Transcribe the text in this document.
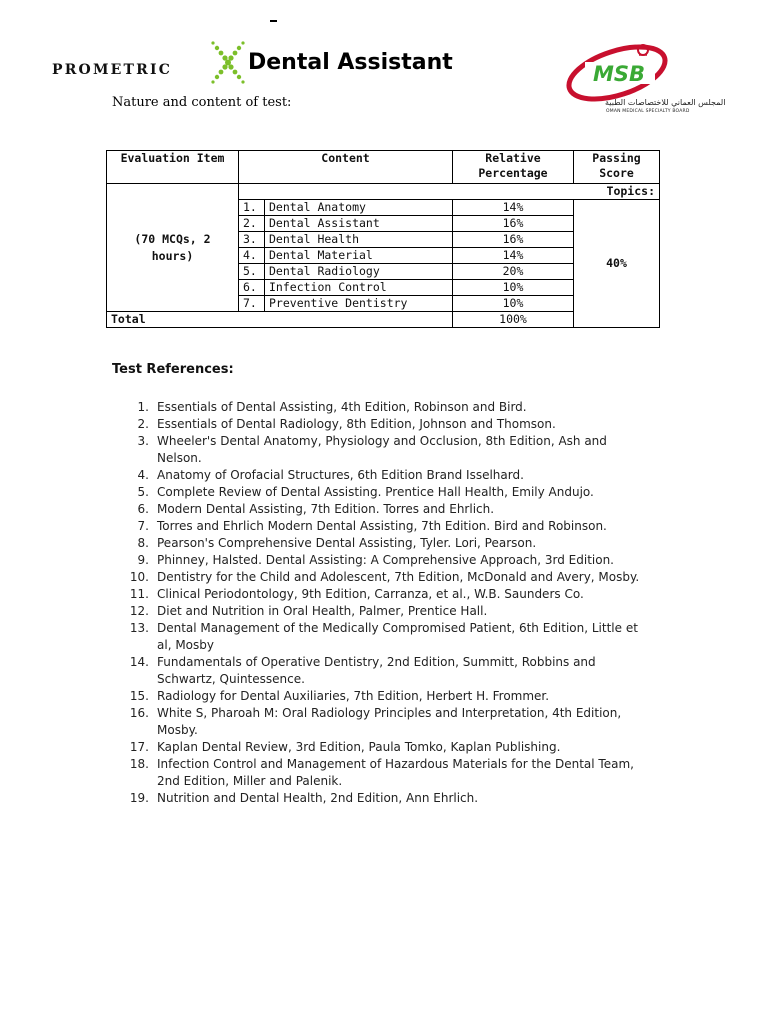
PROMETRIC	Dental Assistant	MSB
المجلس العماني للاختصاصات الطبية
OMAN MEDICAL SPECIALTY BOARD
Nature and content of test:
Evaluation Item	Content		Relative Percentage	Passing Score
(70 MCQs, 2 hours)	Topics:			
	1.	Dental Anatomy	14%	40%
	2.	Dental Assistant	16%	
	3.	Dental Health	16%	
	4.	Dental Material	14%	
	5.	Dental Radiology	20%	
	6.	Infection Control	10%	
	7.	Preventive Dentistry	10%	
Total			100%	
Test References:
1. Essentials of Dental Assisting, 4th Edition, Robinson and Bird.
2. Essentials of Dental Radiology, 8th Edition, Johnson and Thomson.
3. Wheeler's Dental Anatomy, Physiology and Occlusion, 8th Edition, Ash and
Nelson.
4. Anatomy of Orofacial Structures, 6th Edition Brand Isselhard.
5. Complete Review of Dental Assisting. Prentice Hall Health, Emily Andujo.
6. Modern Dental Assisting, 7th Edition. Torres and Ehrlich.
7. Torres and Ehrlich Modern Dental Assisting, 7th Edition. Bird and Robinson.
8. Pearson's Comprehensive Dental Assisting, Tyler. Lori, Pearson.
9. Phinney, Halsted. Dental Assisting: A Comprehensive Approach, 3rd Edition.
10. Dentistry for the Child and Adolescent, 7th Edition, McDonald and Avery, Mosby.
11. Clinical Periodontology, 9th Edition, Carranza, et al., W.B. Saunders Co.
12. Diet and Nutrition in Oral Health, Palmer, Prentice Hall.
13. Dental Management of the Medically Compromised Patient, 6th Edition, Little et
al, Mosby
14. Fundamentals of Operative Dentistry, 2nd Edition, Summitt, Robbins and
Schwartz, Quintessence.
15. Radiology for Dental Auxiliaries, 7th Edition, Herbert H. Frommer.
16. White S, Pharoah M: Oral Radiology Principles and Interpretation, 4th Edition,
Mosby.
17. Kaplan Dental Review, 3rd Edition, Paula Tomko, Kaplan Publishing.
18. Infection Control and Management of Hazardous Materials for the Dental Team,
2nd Edition, Miller and Palenik.
19. Nutrition and Dental Health, 2nd Edition, Ann Ehrlich.
